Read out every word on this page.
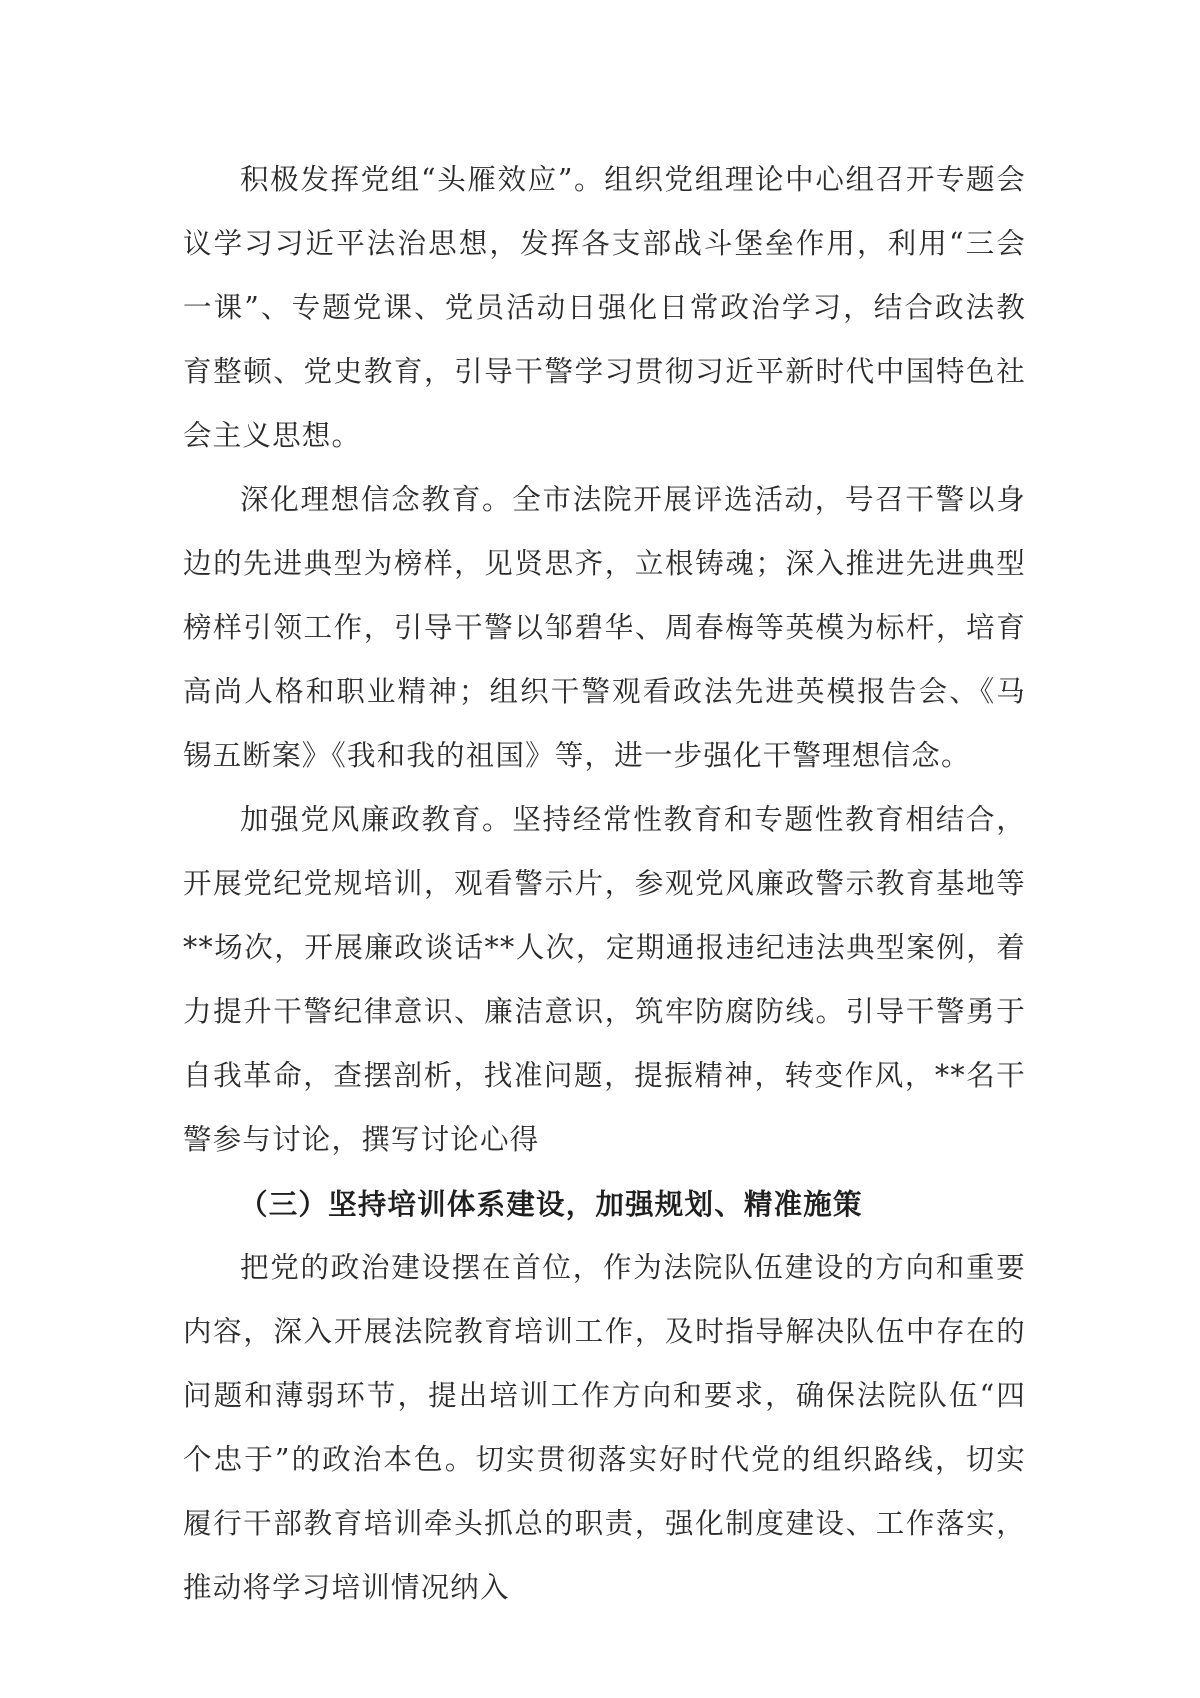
积极发挥党组“头雁效应”。组织党组理论中心组召开专题会议学习习近平法治思想，发挥各支部战斗堡垒作用，利用“三会一课”、专题党课、党员活动日强化日常政治学习，结合政法教育整顿、党史教育，引导干警学习贯彻习近平新时代中国特色社会主义思想。

深化理想信念教育。全市法院开展评选活动，号召干警以身边的先进典型为榜样，见贤思齐，立根铸魂；深入推进先进典型榜样引领工作，引导干警以邹碧华、周春梅等英模为标杆，培育高尚人格和职业精神；组织干警观看政法先进英模报告会、《马锡五断案》《我和我的祖国》等，进一步强化干警理想信念。

加强党风廉政教育。坚持经常性教育和专题性教育相结合，开展党纪党规培训，观看警示片，参观党风廉政警示教育基地等**场次，开展廉政谈话**人次，定期通报违纪违法典型案例，着力提升干警纪律意识、廉洁意识，筑牢防腐防线。引导干警勇于自我革命，查摆剖析，找准问题，提振精神，转变作风，**名干警参与讨论，撰写讨论心得

（三）坚持培训体系建设，加强规划、精准施策

把党的政治建设摆在首位，作为法院队伍建设的方向和重要内容，深入开展法院教育培训工作，及时指导解决队伍中存在的问题和薄弱环节，提出培训工作方向和要求，确保法院队伍“四个忠于”的政治本色。切实贯彻落实好时代党的组织路线，切实履行干部教育培训牵头抓总的职责，强化制度建设、工作落实，推动将学习培训情况纳入
